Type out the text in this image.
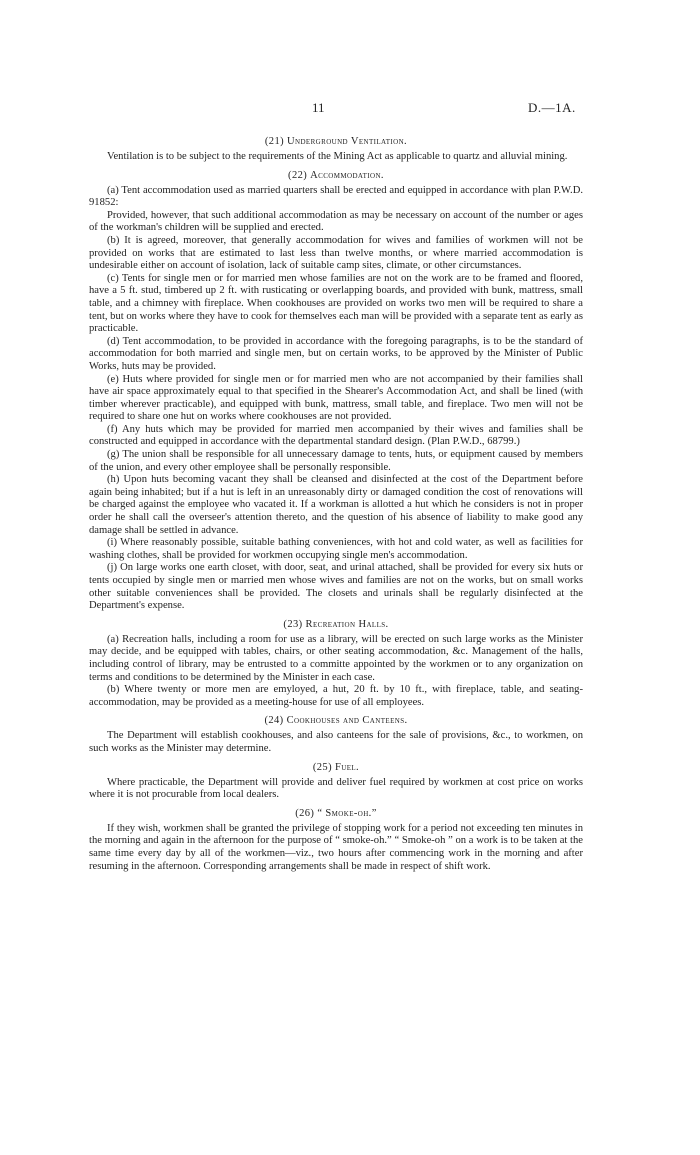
11	D.—1A.
(21) Underground Ventilation.

Ventilation is to be subject to the requirements of the Mining Act as applicable to quartz and alluvial mining.

(22) Accommodation.

(a) Tent accommodation used as married quarters shall be erected and equipped in accordance with plan P.W.D. 91852:

Provided, however, that such additional accommodation as may be necessary on account of the number or ages of the workman's children will be supplied and erected.

(b) It is agreed, moreover, that generally accommodation for wives and families of workmen will not be provided on works that are estimated to last less than twelve months, or where married accommodation is undesirable either on account of isolation, lack of suitable camp sites, climate, or other circumstances.

(c) Tents for single men or for married men whose families are not on the work are to be framed and floored, have a 5 ft. stud, timbered up 2 ft. with rusticating or overlapping boards, and provided with bunk, mattress, small table, and a chimney with fireplace. When cookhouses are provided on works two men will be required to share a tent, but on works where they have to cook for themselves each man will be provided with a separate tent as early as practicable.

(d) Tent accommodation, to be provided in accordance with the foregoing paragraphs, is to be the standard of accommodation for both married and single men, but on certain works, to be approved by the Minister of Public Works, huts may be provided.

(e) Huts where provided for single men or for married men who are not accompanied by their families shall have air space approximately equal to that specified in the Shearer's Accommodation Act, and shall be lined (with timber wherever practicable), and equipped with bunk, mattress, small table, and fireplace. Two men will not be required to share one hut on works where cookhouses are not provided.

(f) Any huts which may be provided for married men accompanied by their wives and families shall be constructed and equipped in accordance with the departmental standard design. (Plan P.W.D., 68799.)

(g) The union shall be responsible for all unnecessary damage to tents, huts, or equipment caused by members of the union, and every other employee shall be personally responsible.

(h) Upon huts becoming vacant they shall be cleansed and disinfected at the cost of the Department before again being inhabited; but if a hut is left in an unreasonably dirty or damaged condition the cost of renovations will be charged against the employee who vacated it. If a workman is allotted a hut which he considers is not in proper order he shall call the overseer's attention thereto, and the question of his absence of liability to make good any damage shall be settled in advance.

(i) Where reasonably possible, suitable bathing conveniences, with hot and cold water, as well as facilities for washing clothes, shall be provided for workmen occupying single men's accommodation.

(j) On large works one earth closet, with door, seat, and urinal attached, shall be provided for every six huts or tents occupied by single men or married men whose wives and families are not on the works, but on small works other suitable conveniences shall be provided. The closets and urinals shall be regularly disinfected at the Department's expense.

(23) Recreation Halls.

(a) Recreation halls, including a room for use as a library, will be erected on such large works as the Minister may decide, and be equipped with tables, chairs, or other seating accommodation, &c. Management of the halls, including control of library, may be entrusted to a committe appointed by the workmen or to any organization on terms and conditions to be determined by the Minister in each case.

(b) Where twenty or more men are emyloyed, a hut, 20 ft. by 10 ft., with fireplace, table, and seating-accommodation, may be provided as a meeting-house for use of all employees.

(24) Cookhouses and Canteens.

The Department will establish cookhouses, and also canteens for the sale of provisions, &c., to workmen, on such works as the Minister may determine.

(25) Fuel.

Where practicable, the Department will provide and deliver fuel required by workmen at cost price on works where it is not procurable from local dealers.

(26) “ Smoke-oh.”

If they wish, workmen shall be granted the privilege of stopping work for a period not exceeding ten minutes in the morning and again in the afternoon for the purpose of “ smoke-oh.” “ Smoke-oh ” on a work is to be taken at the same time every day by all of the workmen—viz., two hours after commencing work in the morning and after resuming in the afternoon. Corresponding arrangements shall be made in respect of shift work.
